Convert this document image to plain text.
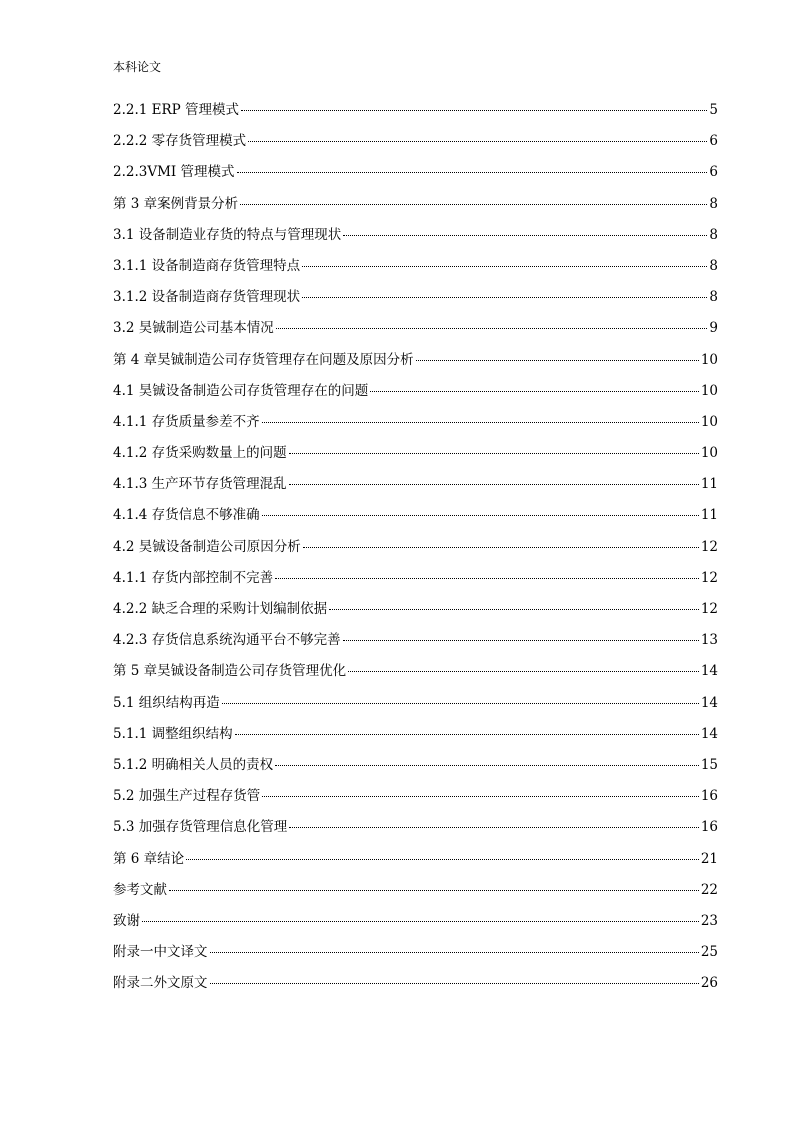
本科论文
2.2.1 ERP 管理模式	5
2.2.2 零存货管理模式	6
2.2.3VMI 管理模式	6
第 3 章案例背景分析	8
3.1 设备制造业存货的特点与管理现状	8
3.1.1 设备制造商存货管理特点	8
3.1.2 设备制造商存货管理现状	8
3.2 昊铖制造公司基本情况	9
第 4 章昊铖制造公司存货管理存在问题及原因分析	10
4.1 昊铖设备制造公司存货管理存在的问题	10
4.1.1 存货质量参差不齐	10
4.1.2 存货采购数量上的问题	10
4.1.3 生产环节存货管理混乱	11
4.1.4 存货信息不够准确	11
4.2 昊铖设备制造公司原因分析	12
4.1.1 存货内部控制不完善	12
4.2.2 缺乏合理的采购计划编制依据	12
4.2.3 存货信息系统沟通平台不够完善	13
第 5 章昊铖设备制造公司存货管理优化	14
5.1 组织结构再造	14
5.1.1 调整组织结构	14
5.1.2 明确相关人员的责权	15
5.2 加强生产过程存货管	16
5.3 加强存货管理信息化管理	16
第 6 章结论	21
参考文献	22
致谢	23
附录一中文译文	25
附录二外文原文	26
